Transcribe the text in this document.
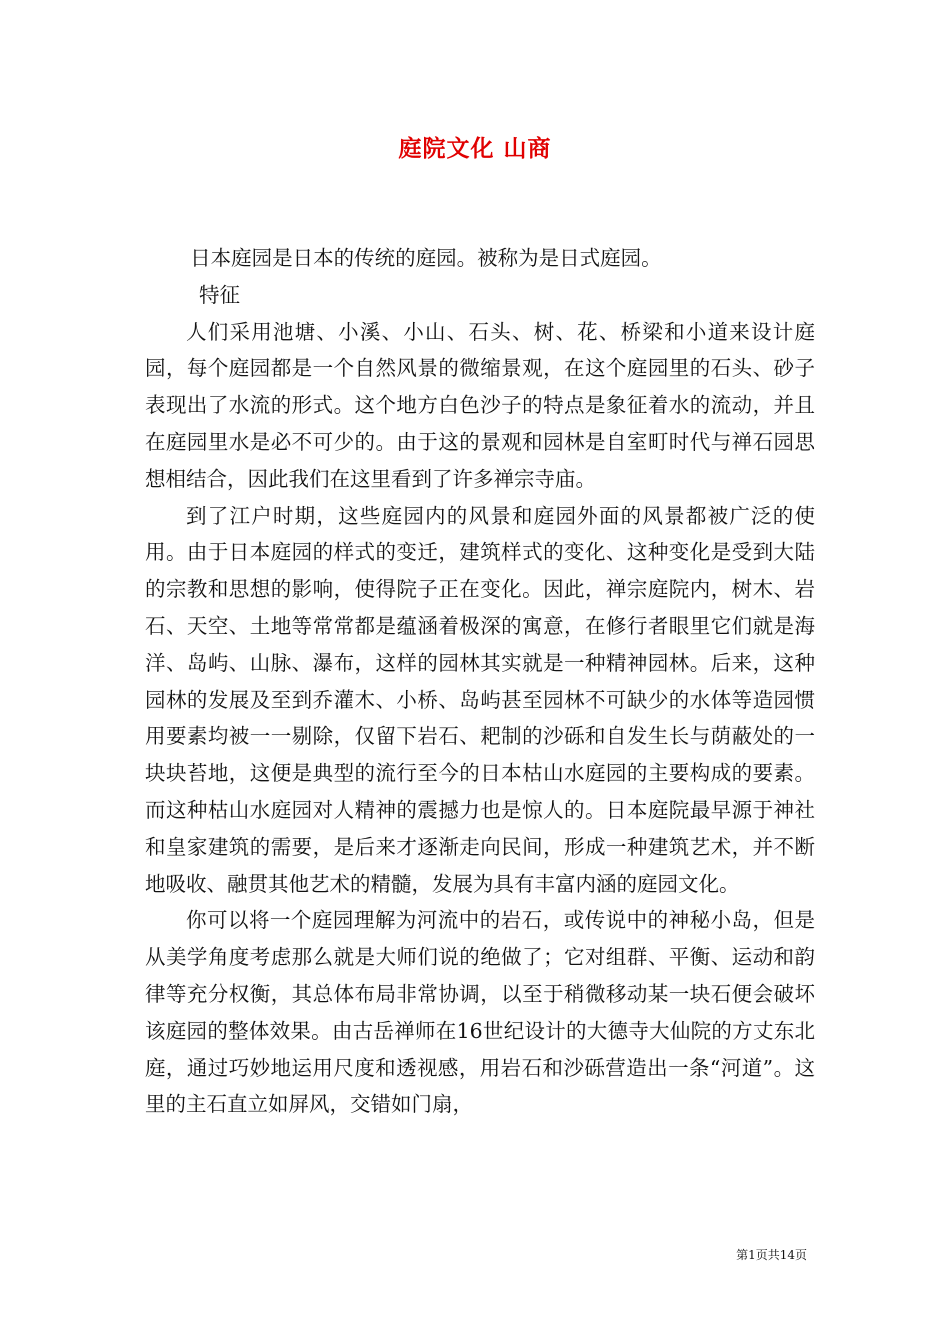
庭院文化 山商

日本庭园是日本的传统的庭园。被称为是日式庭园。

特征

人们采用池塘、小溪、小山、石头、树、花、桥梁和小道来设计庭园，每个庭园都是一个自然风景的微缩景观，在这个庭园里的石头、砂子表现出了水流的形式。这个地方白色沙子的特点是象征着水的流动，并且在庭园里水是必不可少的。由于这的景观和园林是自室町时代与禅石园思想相结合，因此我们在这里看到了许多禅宗寺庙。

到了江户时期，这些庭园内的风景和庭园外面的风景都被广泛的使用。由于日本庭园的样式的变迁，建筑样式的变化、这种变化是受到大陆的宗教和思想的影响，使得院子正在变化。因此，禅宗庭院内，树木、岩石、天空、土地等常常都是蕴涵着极深的寓意，在修行者眼里它们就是海洋、岛屿、山脉、瀑布，这样的园林其实就是一种精神园林。后来，这种园林的发展及至到乔灌木、小桥、岛屿甚至园林不可缺少的水体等造园惯用要素均被一一剔除，仅留下岩石、耙制的沙砾和自发生长与荫蔽处的一块块苔地，这便是典型的流行至今的日本枯山水庭园的主要构成的要素。而这种枯山水庭园对人精神的震撼力也是惊人的。日本庭院最早源于神社和皇家建筑的需要，是后来才逐渐走向民间，形成一种建筑艺术，并不断地吸收、融贯其他艺术的精髓，发展为具有丰富内涵的庭园文化。

你可以将一个庭园理解为河流中的岩石，或传说中的神秘小岛，但是从美学角度考虑那么就是大师们说的绝做了；它对组群、平衡、运动和韵律等充分权衡，其总体布局非常协调，以至于稍微移动某一块石便会破坏该庭园的整体效果。由古岳禅师在16世纪设计的大德寺大仙院的方丈东北庭，通过巧妙地运用尺度和透视感，用岩石和沙砾营造出一条“河道”。这里的主石直立如屏风，交错如门扇，

第1页共14页
